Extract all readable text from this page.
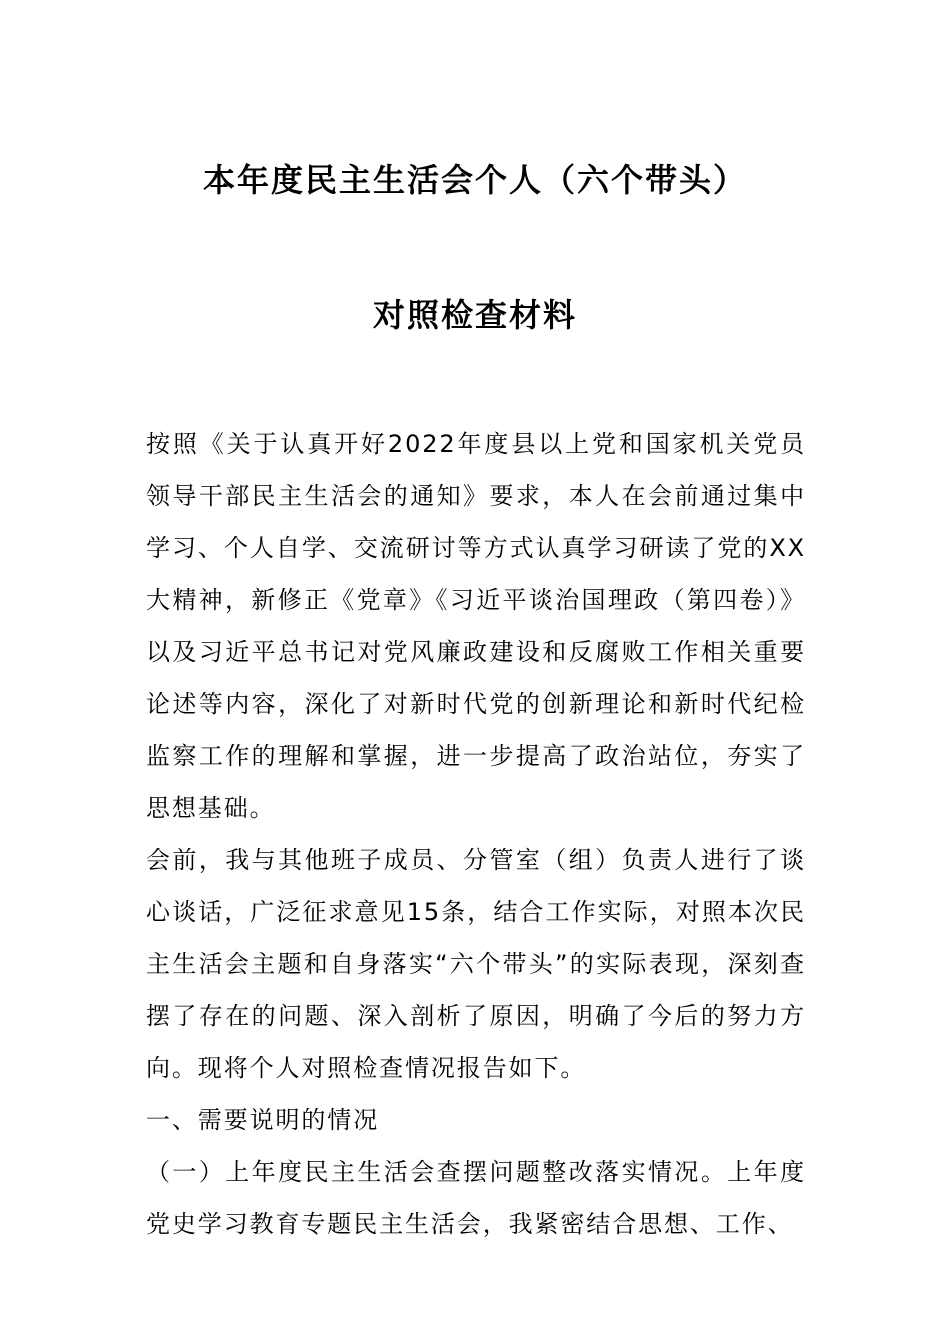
本年度民主生活会个人（六个带头）
对照检查材料

按照《关于认真开好2022年度县以上党和国家机关党员领导干部民主生活会的通知》要求，本人在会前通过集中学习、个人自学、交流研讨等方式认真学习研读了党的XX大精神，新修正《党章》《习近平谈治国理政（第四卷）》以及习近平总书记对党风廉政建设和反腐败工作相关重要论述等内容，深化了对新时代党的创新理论和新时代纪检监察工作的理解和掌握，进一步提高了政治站位，夯实了思想基础。

会前，我与其他班子成员、分管室（组）负责人进行了谈心谈话，广泛征求意见15条，结合工作实际，对照本次民主生活会主题和自身落实“六个带头”的实际表现，深刻查摆了存在的问题、深入剖析了原因，明确了今后的努力方向。现将个人对照检查情况报告如下。

一、需要说明的情况

（一）上年度民主生活会查摆问题整改落实情况。上年度党史学习教育专题民主生活会，我紧密结合思想、工作、
